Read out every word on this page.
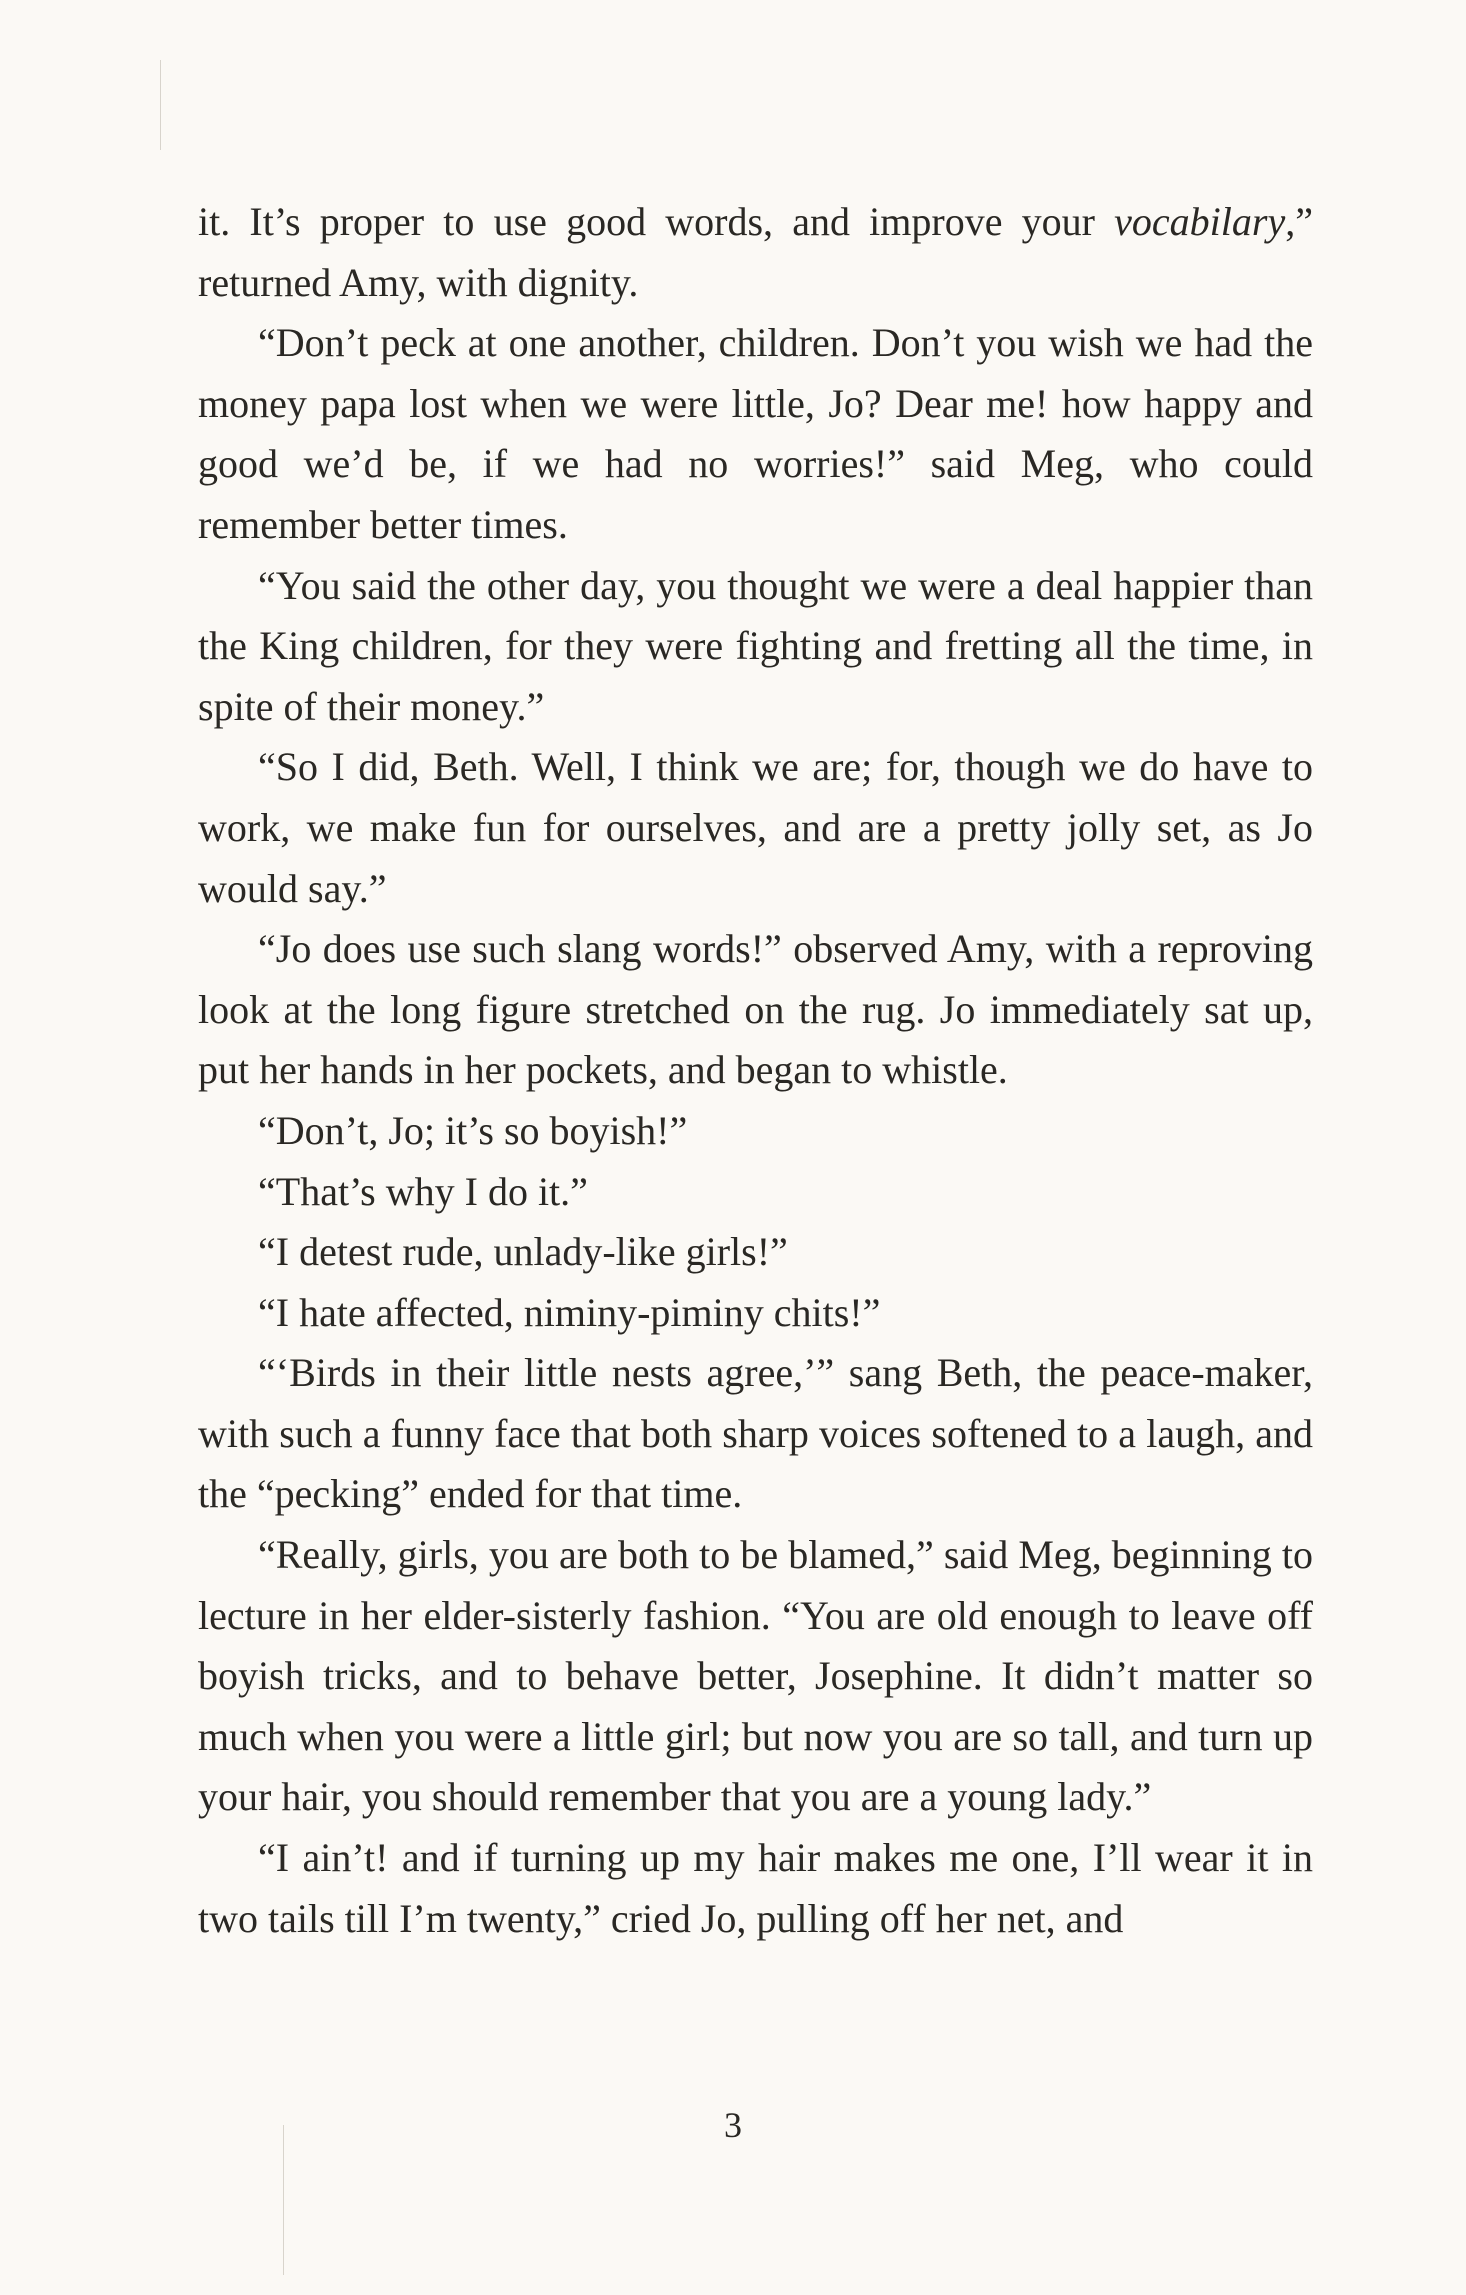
it. It’s proper to use good words, and improve your vocabilary,” returned Amy, with dignity.

“Don’t peck at one another, children. Don’t you wish we had the money papa lost when we were little, Jo? Dear me! how happy and good we’d be, if we had no worries!” said Meg, who could remember better times.

“You said the other day, you thought we were a deal happier than the King children, for they were fighting and fretting all the time, in spite of their money.”

“So I did, Beth. Well, I think we are; for, though we do have to work, we make fun for ourselves, and are a pretty jolly set, as Jo would say.”

“Jo does use such slang words!” observed Amy, with a reproving look at the long figure stretched on the rug. Jo immediately sat up, put her hands in her pockets, and began to whistle.

“Don’t, Jo; it’s so boyish!”

“That’s why I do it.”

“I detest rude, unlady-like girls!”

“I hate affected, niminy-piminy chits!”

“‘Birds in their little nests agree,’” sang Beth, the peace-maker, with such a funny face that both sharp voices softened to a laugh, and the “pecking” ended for that time.

“Really, girls, you are both to be blamed,” said Meg, beginning to lecture in her elder-sisterly fashion. “You are old enough to leave off boyish tricks, and to behave better, Josephine. It didn’t matter so much when you were a little girl; but now you are so tall, and turn up your hair, you should remember that you are a young lady.”

“I ain’t! and if turning up my hair makes me one, I’ll wear it in two tails till I’m twenty,” cried Jo, pulling off her net, and

3
